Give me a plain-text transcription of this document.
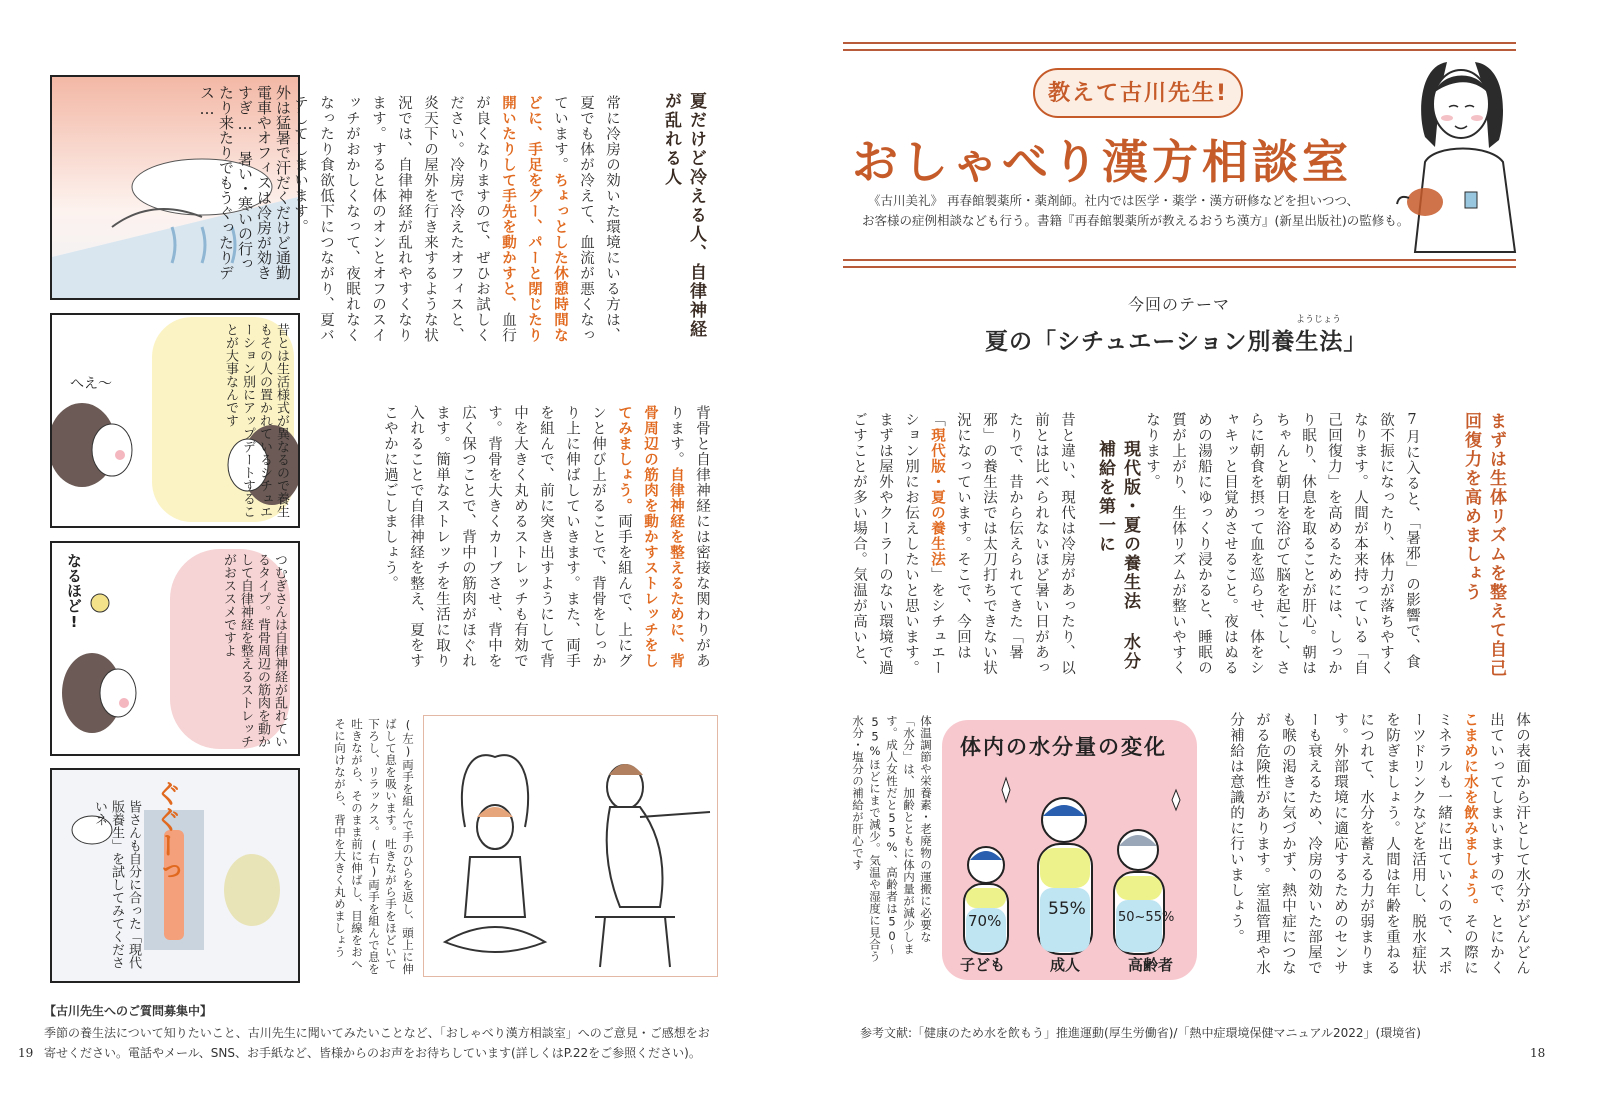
教えて古川先生!
おしゃべり漢方相談室
《古川美礼》 再春館製薬所・薬剤師。社内では医学・薬学・漢方研修などを担いつつ、
お客様の症例相談なども行う。書籍『再春館製薬所が教えるおうち漢方』(新星出版社)の監修も。
今回のテーマ
ようじょう
夏の「シチュエーション別養生法」
まずは生体リズムを整えて自己回復力を高めましょう
7月に入ると、「暑邪」の影響で、食欲不振になったり、体力が落ちやすくなります。人間が本来持っている「自己回復力」を高めるためには、しっかり眠り、休息を取ることが肝心。朝はちゃんと朝日を浴びて脳を起こし、さらに朝食を摂って血を巡らせ、体をシャキッと目覚めさせること。夜はぬるめの湯船にゆっくり浸かると、睡眠の質が上がり、生体リズムが整いやすくなります。
現代版・夏の養生法 水分補給を第一に
昔と違い、現代は冷房があったり、以前とは比べられないほど暑い日があったりで、昔から伝えられてきた「暑邪」の養生法では太刀打ちできない状況になっています。そこで、今回は「現代版・夏の養生法」をシチュエーション別にお伝えしたいと思います。まずは屋外やクーラーのない環境で過ごすことが多い場合。気温が高いと、
体の表面から汗として水分がどんどん出ていってしまいますので、とにかくこまめに水を飲みましょう。その際にミネラルも一緒に出ていくので、スポーツドリンクなどを活用し、脱水症状を防ぎましょう。人間は年齢を重ねるにつれて、水分を蓄える力が弱まります。外部環境に適応するためのセンサーも衰えるため、冷房の効いた部屋でも喉の渇きに気づかず、熱中症につながる危険性があります。室温管理や水分補給は意識的に行いましょう。
体温調節や栄養素・老廃物の運搬に必要な「水分」は、加齢とともに体内量が減少します。成人女性だと55%、高齢者は50〜55%ほどにまで減少。気温や湿度に見合う水分・塩分の補給が肝心です	体内の水分量の変化
70%
55% 50~55%
子ども	成人	高齢者
参考文献:「健康のため水を飲もう」推進運動(厚生労働省)/「熱中症環境保健マニュアル2022」(環境省)
18
外は猛暑で汗だくだけど通勤電車やオフィスは冷房が効きすぎ… 暑い・寒いの行ったり来たりでもうぐったりデス…
へえ〜	昔とは生活様式が異なるので養生もその人の置かれているシチュエーション別にアップデートすることが大事なんです
なるほど!	つむぎさんは自律神経が乱れているタイプ。背骨周辺の筋肉を動かして自律神経を整えるストレッチがおススメですよ
ぐぐーっ
皆さんも自分に合った「現代版養生」を試してみてくださいネ
夏だけど冷える人、自律神経が乱れる人
常に冷房の効いた環境にいる方は、夏でも体が冷えて、血流が悪くなっています。ちょっとした休憩時間などに、手足をグー、パーと閉じたり開いたりして手先を動かすと、血行が良くなりますので、ぜひお試しください。冷房で冷えたオフィスと、炎天下の屋外を行き来するような状況では、自律神経が乱れやすくなります。すると体のオンとオフのスイッチがおかしくなって、夜眠れなくなったり食欲低下につながり、夏バテしてしまいます。
背骨と自律神経には密接な関わりがあります。自律神経を整えるために、背骨周辺の筋肉を動かすストレッチをしてみましょう。両手を組んで、上にグンと伸び上がることで、背骨をしっかり上に伸ばしていきます。また、両手を組んで、前に突き出すようにして背中を大きく丸めるストレッチも有効です。背骨を大きくカーブさせ、背中を広く保つことで、背中の筋肉がほぐれます。簡単なストレッチを生活に取り入れることで自律神経を整え、夏をすこやかに過ごしましょう。
(左)両手を組んで手のひらを返し、頭上に伸ばして息を吸います。吐きながら手をほどいて下ろし、リラックス。(右)両手を組んで息を吐きながら、そのまま前に伸ばし、目線をおへそに向けながら、背中を大きく丸めましょう
【古川先生へのご質問募集中】
季節の養生法について知りたいこと、古川先生に聞いてみたいことなど、「おしゃべり漢方相談室」へのご意見・ご感想をお
寄せください。電話やメール、SNS、お手紙など、皆様からのお声をお待ちしています(詳しくはP.22をご参照ください)。
19
